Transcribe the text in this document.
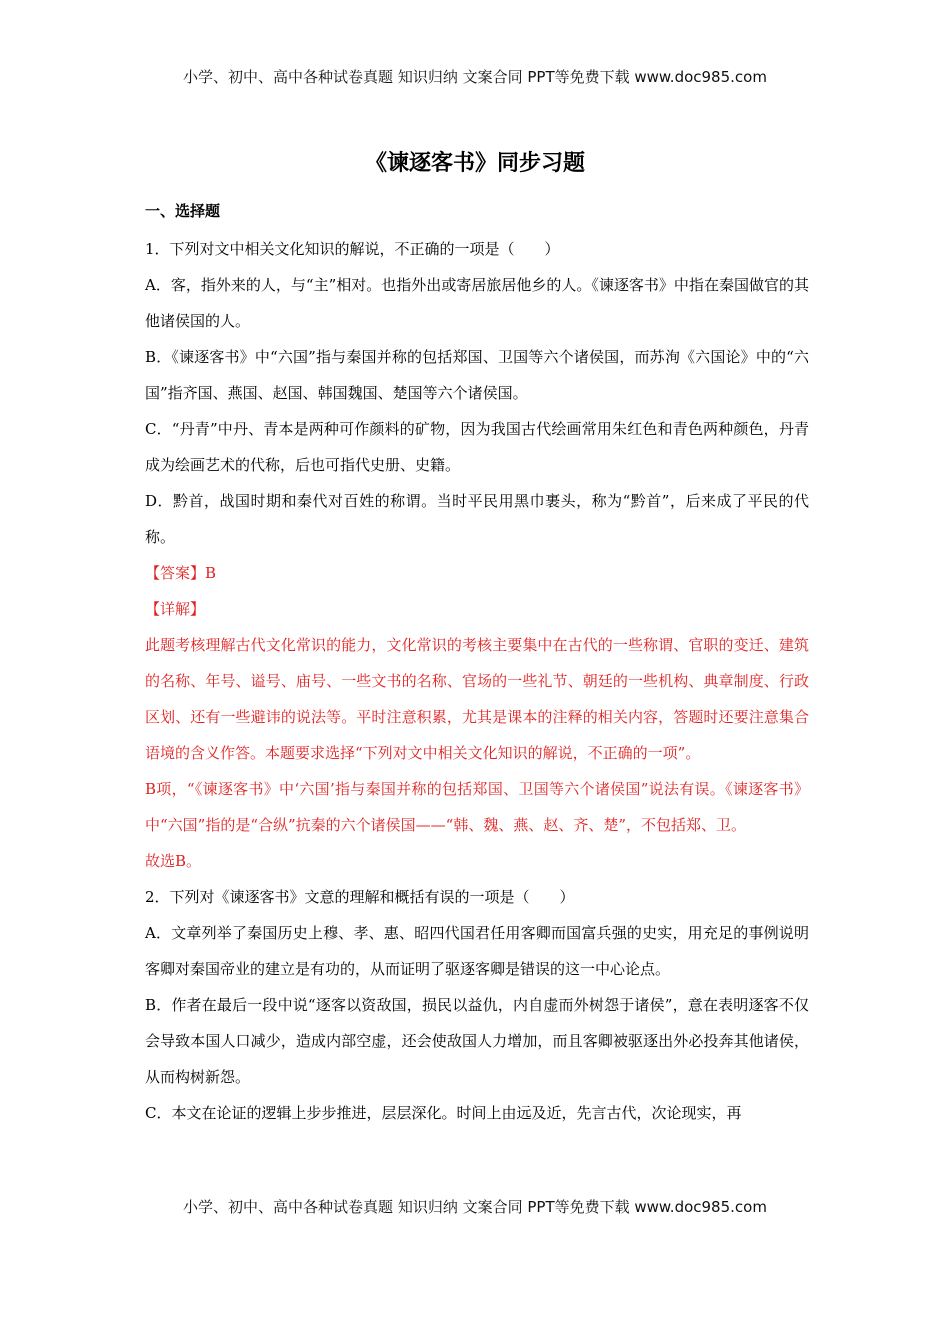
小学、初中、高中各种试卷真题 知识归纳 文案合同 PPT等免费下载 www.doc985.com
《谏逐客书》同步习题
一、选择题

1．下列对文中相关文化知识的解说，不正确的一项是（　　）

A．客，指外来的人，与“主”相对。也指外出或寄居旅居他乡的人。《谏逐客书》中指在秦国做官的其他诸侯国的人。

B．《谏逐客书》中“六国”指与秦国并称的包括郑国、卫国等六个诸侯国，而苏洵《六国论》中的“六国”指齐国、燕国、赵国、韩国魏国、楚国等六个诸侯国。

C．“丹青”中丹、青本是两种可作颜料的矿物，因为我国古代绘画常用朱红色和青色两种颜色，丹青成为绘画艺术的代称，后也可指代史册、史籍。

D．黔首，战国时期和秦代对百姓的称谓。当时平民用黑巾裹头，称为“黔首”，后来成了平民的代称。

【答案】B

【详解】

此题考核理解古代文化常识的能力，文化常识的考核主要集中在古代的一些称谓、官职的变迁、建筑的名称、年号、谥号、庙号、一些文书的名称、官场的一些礼节、朝廷的一些机构、典章制度、行政区划、还有一些避讳的说法等。平时注意积累，尤其是课本的注释的相关内容，答题时还要注意集合语境的含义作答。本题要求选择“下列对文中相关文化知识的解说，不正确的一项”。

B项，“《谏逐客书》中‘六国’指与秦国并称的包括郑国、卫国等六个诸侯国”说法有误。《谏逐客书》中“六国”指的是“合纵”抗秦的六个诸侯国——“韩、魏、燕、赵、齐、楚”，不包括郑、卫。

故选B。

2．下列对《谏逐客书》文意的理解和概括有误的一项是（　　）

A．文章列举了秦国历史上穆、孝、惠、昭四代国君任用客卿而国富兵强的史实，用充足的事例说明客卿对秦国帝业的建立是有功的，从而证明了驱逐客卿是错误的这一中心论点。

B．作者在最后一段中说“逐客以资敌国，损民以益仇，内自虚而外树怨于诸侯”，意在表明逐客不仅会导致本国人口减少，造成内部空虚，还会使敌国人力增加，而且客卿被驱逐出外必投奔其他诸侯，从而构树新怨。

C．本文在论证的逻辑上步步推进，层层深化。时间上由远及近，先言古代，次论现实，再

小学、初中、高中各种试卷真题 知识归纳 文案合同 PPT等免费下载 www.doc985.com
